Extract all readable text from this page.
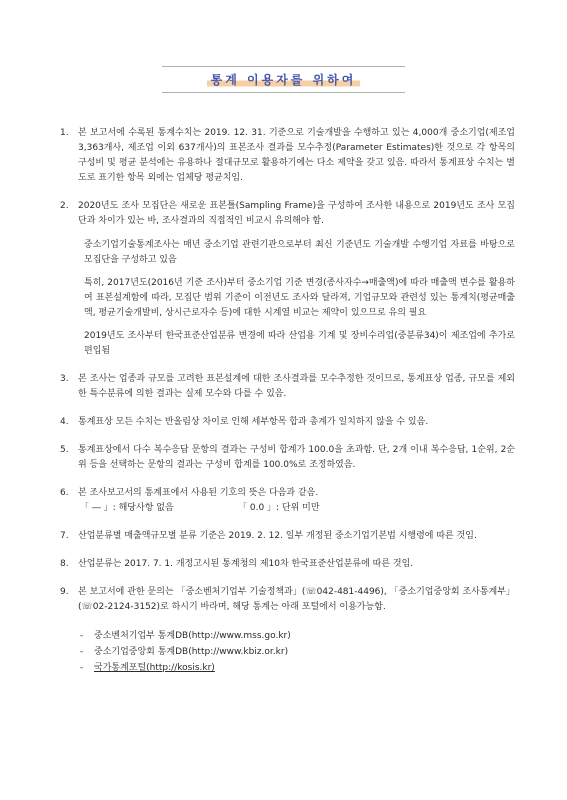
통계 이용자를 위하여
1.	본 보고서에 수록된 통계수치는 2019. 12. 31. 기준으로 기술개발을 수행하고 있는 4,000개 중소기업(제조업 3,363개사, 제조업 이외 637개사)의 표본조사 결과를 모수추정(Parameter Estimates)한 것으로 각 항목의 구성비 및 평균 분석에는 유용하나 절대규모로 활용하기에는 다소 제약을 갖고 있음. 따라서 통계표상 수치는 별도로 표기한 항목 외에는 업체당 평균치임.

2.	2020년도 조사 모집단은 새로운 표본틀(Sampling Frame)을 구성하여 조사한 내용으로 2019년도 조사 모집단과 차이가 있는 바, 조사결과의 직접적인 비교시 유의해야 함.

중소기업기술통계조사는 매년 중소기업 관련기관으로부터 최신 기준년도 기술개발 수행기업 자료를 바탕으로 모집단을 구성하고 있음

특히, 2017년도(2016년 기준 조사)부터 중소기업 기준 변경(종사자수→매출액)에 따라 매출액 변수를 활용하여 표본설계함에 따라, 모집단 범위 기준이 이전년도 조사와 달라져, 기업규모와 관련성 있는 통계치(평균매출액, 평균기술개발비, 상시근로자수 등)에 대한 시계열 비교는 제약이 있으므로 유의 필요

2019년도 조사부터 한국표준산업분류 변경에 따라 산업용 기계 및 장비수리업(중분류34)이 제조업에 추가로 편입됨

3.	본 조사는 업종과 규모를 고려한 표본설계에 대한 조사결과를 모수추정한 것이므로, 통계표상 업종, 규모를 제외한 특수분류에 의한 결과는 실제 모수와 다를 수 있음.

4.	통계표상 모든 수치는 반올림상 차이로 인해 세부항목 합과 총계가 일치하지 않을 수 있음.

5.	통계표상에서 다수 복수응답 문항의 결과는 구성비 합계가 100.0을 초과함. 단, 2개 이내 복수응답, 1순위, 2순위 등을 선택하는 문항의 결과는 구성비 합계를 100.0%로 조정하였음.

6.	본 조사보고서의 통계표에서 사용된 기호의 뜻은 다음과 같음.

「 ― 」: 해당사항 없음	「 0.0 」: 단위 미만
7.	산업분류별 매출액규모별 분류 기준은 2019. 2. 12. 일부 개정된 중소기업기본법 시행령에 따른 것임.

8.	산업분류는 2017. 7. 1. 개정고시된 통계청의 제10차 한국표준산업분류에 따른 것임.

9.	본 보고서에 관한 문의는 「중소벤처기업부 기술정책과」(☏042-481-4496), 「중소기업중앙회 조사통계부」(☏02-2124-3152)로 하시기 바라며, 해당 통계는 아래 포털에서 이용가능함.

-	중소벤처기업부 통계DB(http://www.mss.go.kr)
-	중소기업중앙회 통계DB(http://www.kbiz.or.kr)
-	국가통계포털(http://kosis.kr)
